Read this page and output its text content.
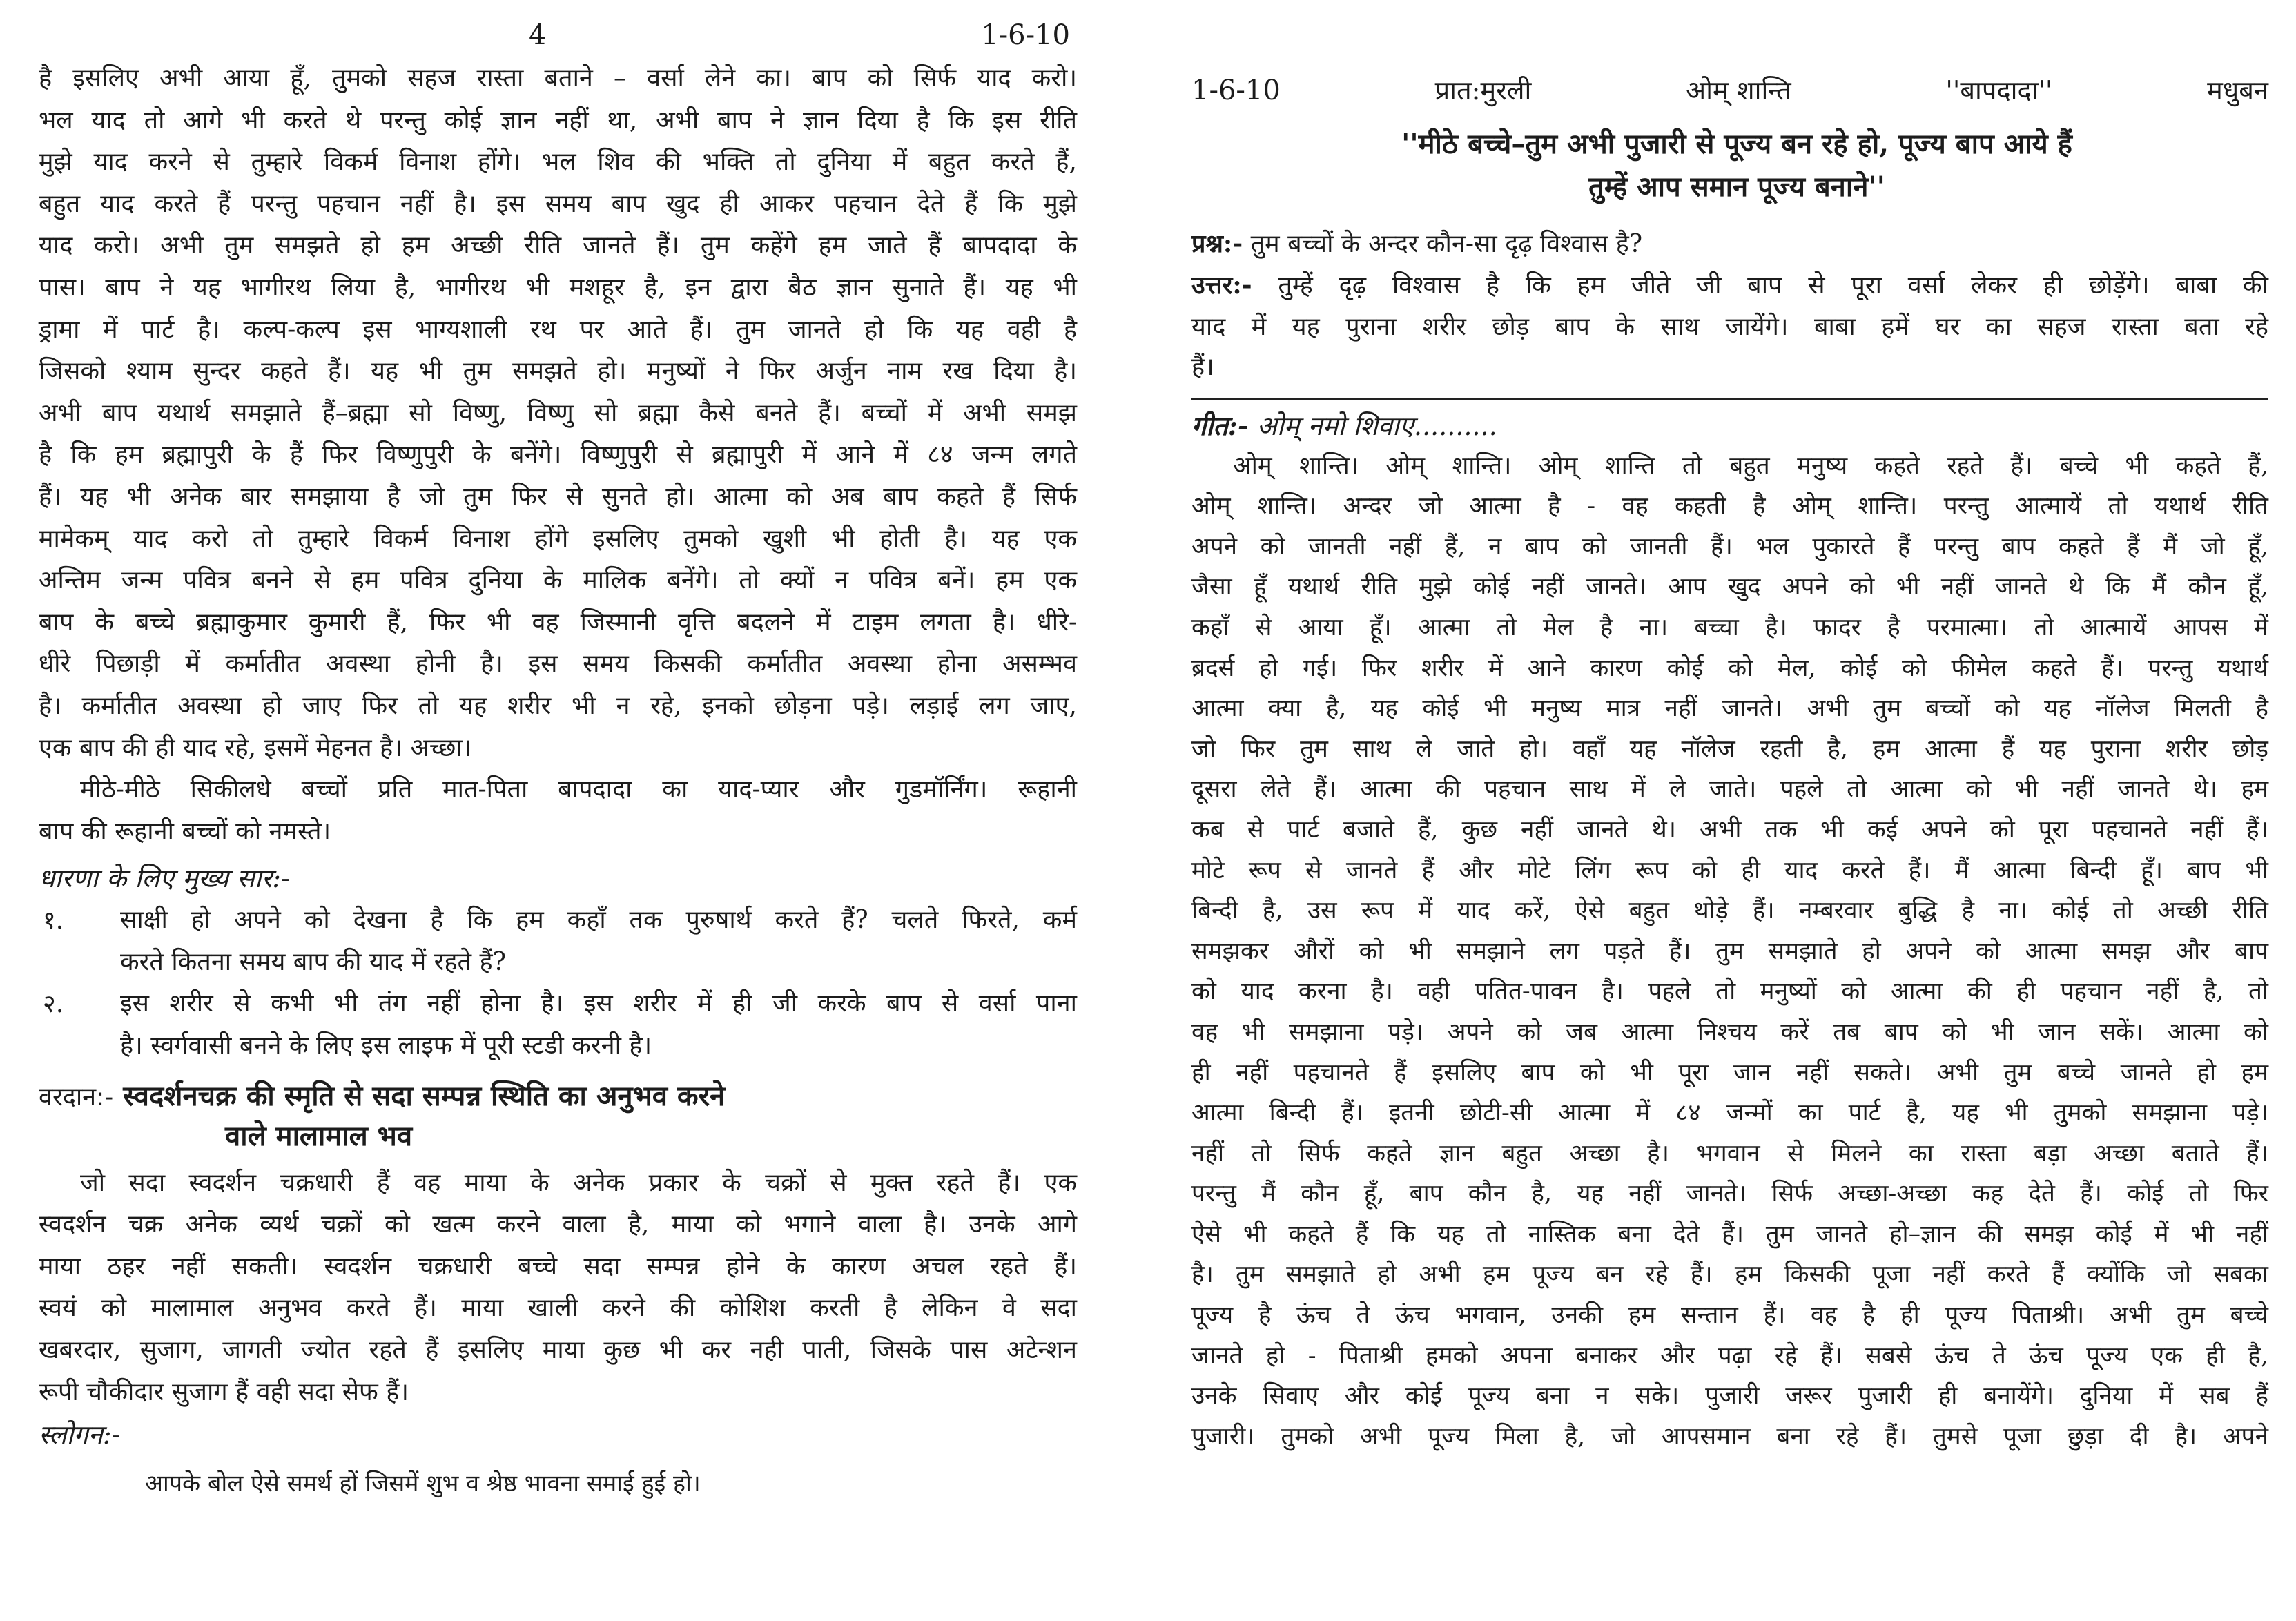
4	1-6-10

है इसलिए अभी आया हूँ, तुमको सहज रास्ता बताने – वर्सा लेने का। बाप को सिर्फ याद करो।

भल याद तो आगे भी करते थे परन्तु कोई ज्ञान नहीं था, अभी बाप ने ज्ञान दिया है कि इस रीति

मुझे याद करने से तुम्हारे विकर्म विनाश होंगे। भल शिव की भक्ति तो दुनिया में बहुत करते हैं,

बहुत याद करते हैं परन्तु पहचान नहीं है। इस समय बाप खुद ही आकर पहचान देते हैं कि मुझे

याद करो। अभी तुम समझते हो हम अच्छी रीति जानते हैं। तुम कहेंगे हम जाते हैं बापदादा के

पास। बाप ने यह भागीरथ लिया है, भागीरथ भी मशहूर है, इन द्वारा बैठ ज्ञान सुनाते हैं। यह भी

ड्रामा में पार्ट है। कल्प-कल्प इस भाग्यशाली रथ पर आते हैं। तुम जानते हो कि यह वही है

जिसको श्याम सुन्दर कहते हैं। यह भी तुम समझते हो। मनुष्यों ने फिर अर्जुन नाम रख दिया है।

अभी बाप यथार्थ समझाते हैं–ब्रह्मा सो विष्णु, विष्णु सो ब्रह्मा कैसे बनते हैं। बच्चों में अभी समझ

है कि हम ब्रह्मापुरी के हैं फिर विष्णुपुरी के बनेंगे। विष्णुपुरी से ब्रह्मापुरी में आने में ८४ जन्म लगते

हैं। यह भी अनेक बार समझाया है जो तुम फिर से सुनते हो। आत्मा को अब बाप कहते हैं सिर्फ

मामेकम् याद करो तो तुम्हारे विकर्म विनाश होंगे इसलिए तुमको खुशी भी होती है। यह एक

अन्तिम जन्म पवित्र बनने से हम पवित्र दुनिया के मालिक बनेंगे। तो क्यों न पवित्र बनें। हम एक

बाप के बच्चे ब्रह्माकुमार कुमारी हैं, फिर भी वह जिस्मानी वृत्ति बदलने में टाइम लगता है। धीरे-

धीरे पिछाड़ी में कर्मातीत अवस्था होनी है। इस समय किसकी कर्मातीत अवस्था होना असम्भव

है। कर्मातीत अवस्था हो जाए फिर तो यह शरीर भी न रहे, इनको छोड़ना पड़े। लड़ाई लग जाए,

एक बाप की ही याद रहे, इसमें मेहनत है। अच्छा।

मीठे-मीठे सिकीलधे बच्चों प्रति मात-पिता बापदादा का याद-प्यार और गुडमॉर्निंग। रूहानी

बाप की रूहानी बच्चों को नमस्ते।

धारणा के लिए मुख्य सार:-
१.	साक्षी हो अपने को देखना है कि हम कहाँ तक पुरुषार्थ करते हैं? चलते फिरते, कर्म
करते कितना समय बाप की याद में रहते हैं?
२.	इस शरीर से कभी भी तंग नहीं होना है। इस शरीर में ही जी करके बाप से वर्सा पाना
है। स्वर्गवासी बनने के लिए इस लाइफ में पूरी स्टडी करनी है।
वरदान:- स्वदर्शनचक्र की स्मृति से सदा सम्पन्न स्थिति का अनुभव करने
वाले मालामाल भव

जो सदा स्वदर्शन चक्रधारी हैं वह माया के अनेक प्रकार के चक्रों से मुक्त रहते हैं। एक

स्वदर्शन चक्र अनेक व्यर्थ चक्रों को खत्म करने वाला है, माया को भगाने वाला है। उनके आगे

माया ठहर नहीं सकती। स्वदर्शन चक्रधारी बच्चे सदा सम्पन्न होने के कारण अचल रहते हैं।

स्वयं को मालामाल अनुभव करते हैं। माया खाली करने की कोशिश करती है लेकिन वे सदा

खबरदार, सुजाग, जागती ज्योत रहते हैं इसलिए माया कुछ भी कर नही पाती, जिसके पास अटेन्शन

रूपी चौकीदार सुजाग हैं वही सदा सेफ हैं।

स्लोगन:-
आपके बोल ऐसे समर्थ हों जिसमें शुभ व श्रेष्ठ भावना समाई हुई हो।
1-6-10	प्रात:मुरली	ओम् शान्ति	''बापदादा''	मधुबन
''मीठे बच्चे–तुम अभी पुजारी से पूज्य बन रहे हो, पूज्य बाप आये हैं
तुम्हें आप समान पूज्य बनाने''
प्रश्न:- तुम बच्चों के अन्दर कौन-सा दृढ़ विश्वास है?

उत्तर:- तुम्हें दृढ़ विश्वास है कि हम जीते जी बाप से पूरा वर्सा लेकर ही छोड़ेंगे। बाबा की

याद में यह पुराना शरीर छोड़ बाप के साथ जायेंगे। बाबा हमें घर का सहज रास्ता बता रहे

हैं।

गीत:- ओम् नमो शिवाए..........

ओम् शान्ति। ओम् शान्ति। ओम् शान्ति तो बहुत मनुष्य कहते रहते हैं। बच्चे भी कहते हैं,

ओम् शान्ति। अन्दर जो आत्मा है - वह कहती है ओम् शान्ति। परन्तु आत्मायें तो यथार्थ रीति

अपने को जानती नहीं हैं, न बाप को जानती हैं। भल पुकारते हैं परन्तु बाप कहते हैं मैं जो हूँ,

जैसा हूँ यथार्थ रीति मुझे कोई नहीं जानते। आप खुद अपने को भी नहीं जानते थे कि मैं कौन हूँ,

कहाँ से आया हूँ। आत्मा तो मेल है ना। बच्चा है। फादर है परमात्मा। तो आत्मायें आपस में

ब्रदर्स हो गई। फिर शरीर में आने कारण कोई को मेल, कोई को फीमेल कहते हैं। परन्तु यथार्थ

आत्मा क्या है, यह कोई भी मनुष्य मात्र नहीं जानते। अभी तुम बच्चों को यह नॉलेज मिलती है

जो फिर तुम साथ ले जाते हो। वहाँ यह नॉलेज रहती है, हम आत्मा हैं यह पुराना शरीर छोड़

दूसरा लेते हैं। आत्मा की पहचान साथ में ले जाते। पहले तो आत्मा को भी नहीं जानते थे। हम

कब से पार्ट बजाते हैं, कुछ नहीं जानते थे। अभी तक भी कई अपने को पूरा पहचानते नहीं हैं।

मोटे रूप से जानते हैं और मोटे लिंग रूप को ही याद करते हैं। मैं आत्मा बिन्दी हूँ। बाप भी

बिन्दी है, उस रूप में याद करें, ऐसे बहुत थोड़े हैं। नम्बरवार बुद्धि है ना। कोई तो अच्छी रीति

समझकर औरों को भी समझाने लग पड़ते हैं। तुम समझाते हो अपने को आत्मा समझ और बाप

को याद करना है। वही पतित-पावन है। पहले तो मनुष्यों को आत्मा की ही पहचान नहीं है, तो

वह भी समझाना पड़े। अपने को जब आत्मा निश्चय करें तब बाप को भी जान सकें। आत्मा को

ही नहीं पहचानते हैं इसलिए बाप को भी पूरा जान नहीं सकते। अभी तुम बच्चे जानते हो हम

आत्मा बिन्दी हैं। इतनी छोटी-सी आत्मा में ८४ जन्मों का पार्ट है, यह भी तुमको समझाना पड़े।

नहीं तो सिर्फ कहते ज्ञान बहुत अच्छा है। भगवान से मिलने का रास्ता बड़ा अच्छा बताते हैं।

परन्तु मैं कौन हूँ, बाप कौन है, यह नहीं जानते। सिर्फ अच्छा-अच्छा कह देते हैं। कोई तो फिर

ऐसे भी कहते हैं कि यह तो नास्तिक बना देते हैं। तुम जानते हो–ज्ञान की समझ कोई में भी नहीं

है। तुम समझाते हो अभी हम पूज्य बन रहे हैं। हम किसकी पूजा नहीं करते हैं क्योंकि जो सबका

पूज्य है ऊंच ते ऊंच भगवान, उनकी हम सन्तान हैं। वह है ही पूज्य पिताश्री। अभी तुम बच्चे

जानते हो - पिताश्री हमको अपना बनाकर और पढ़ा रहे हैं। सबसे ऊंच ते ऊंच पूज्य एक ही है,

उनके सिवाए और कोई पूज्य बना न सके। पुजारी जरूर पुजारी ही बनायेंगे। दुनिया में सब हैं

पुजारी। तुमको अभी पूज्य मिला है, जो आपसमान बना रहे हैं। तुमसे पूजा छुड़ा दी है। अपने
